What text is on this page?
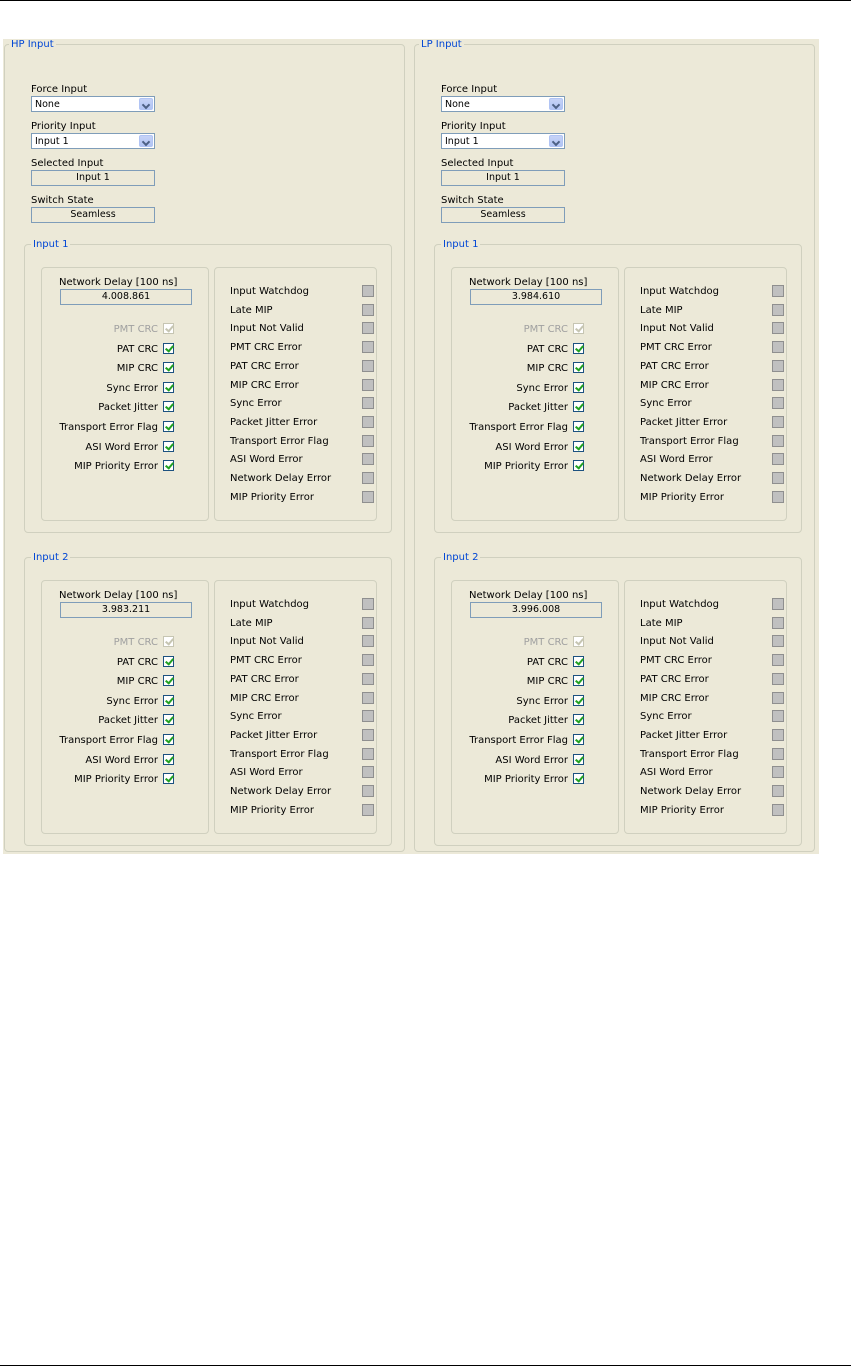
HP Input
Force Input
None
Priority Input
Input 1
Selected Input
Input 1
Switch State
Seamless
Input 1
Network Delay [100 ns]
4.008.861
PMT CRC
PAT CRC
MIP CRC
Sync Error
Packet Jitter
Transport Error Flag
ASI Word Error
MIP Priority Error
Input Watchdog
Late MIP
Input Not Valid
PMT CRC Error
PAT CRC Error
MIP CRC Error
Sync Error
Packet Jitter Error
Transport Error Flag
ASI Word Error
Network Delay Error
MIP Priority Error
Input 2
Network Delay [100 ns]
3.983.211
PMT CRC
PAT CRC
MIP CRC
Sync Error
Packet Jitter
Transport Error Flag
ASI Word Error
MIP Priority Error
Input Watchdog
Late MIP
Input Not Valid
PMT CRC Error
PAT CRC Error
MIP CRC Error
Sync Error
Packet Jitter Error
Transport Error Flag
ASI Word Error
Network Delay Error
MIP Priority Error
LP Input
Force Input
None
Priority Input
Input 1
Selected Input
Input 1
Switch State
Seamless
Input 1
Network Delay [100 ns]
3.984.610
PMT CRC
PAT CRC
MIP CRC
Sync Error
Packet Jitter
Transport Error Flag
ASI Word Error
MIP Priority Error
Input Watchdog
Late MIP
Input Not Valid
PMT CRC Error
PAT CRC Error
MIP CRC Error
Sync Error
Packet Jitter Error
Transport Error Flag
ASI Word Error
Network Delay Error
MIP Priority Error
Input 2
Network Delay [100 ns]
3.996.008
PMT CRC
PAT CRC
MIP CRC
Sync Error
Packet Jitter
Transport Error Flag
ASI Word Error
MIP Priority Error
Input Watchdog
Late MIP
Input Not Valid
PMT CRC Error
PAT CRC Error
MIP CRC Error
Sync Error
Packet Jitter Error
Transport Error Flag
ASI Word Error
Network Delay Error
MIP Priority Error
